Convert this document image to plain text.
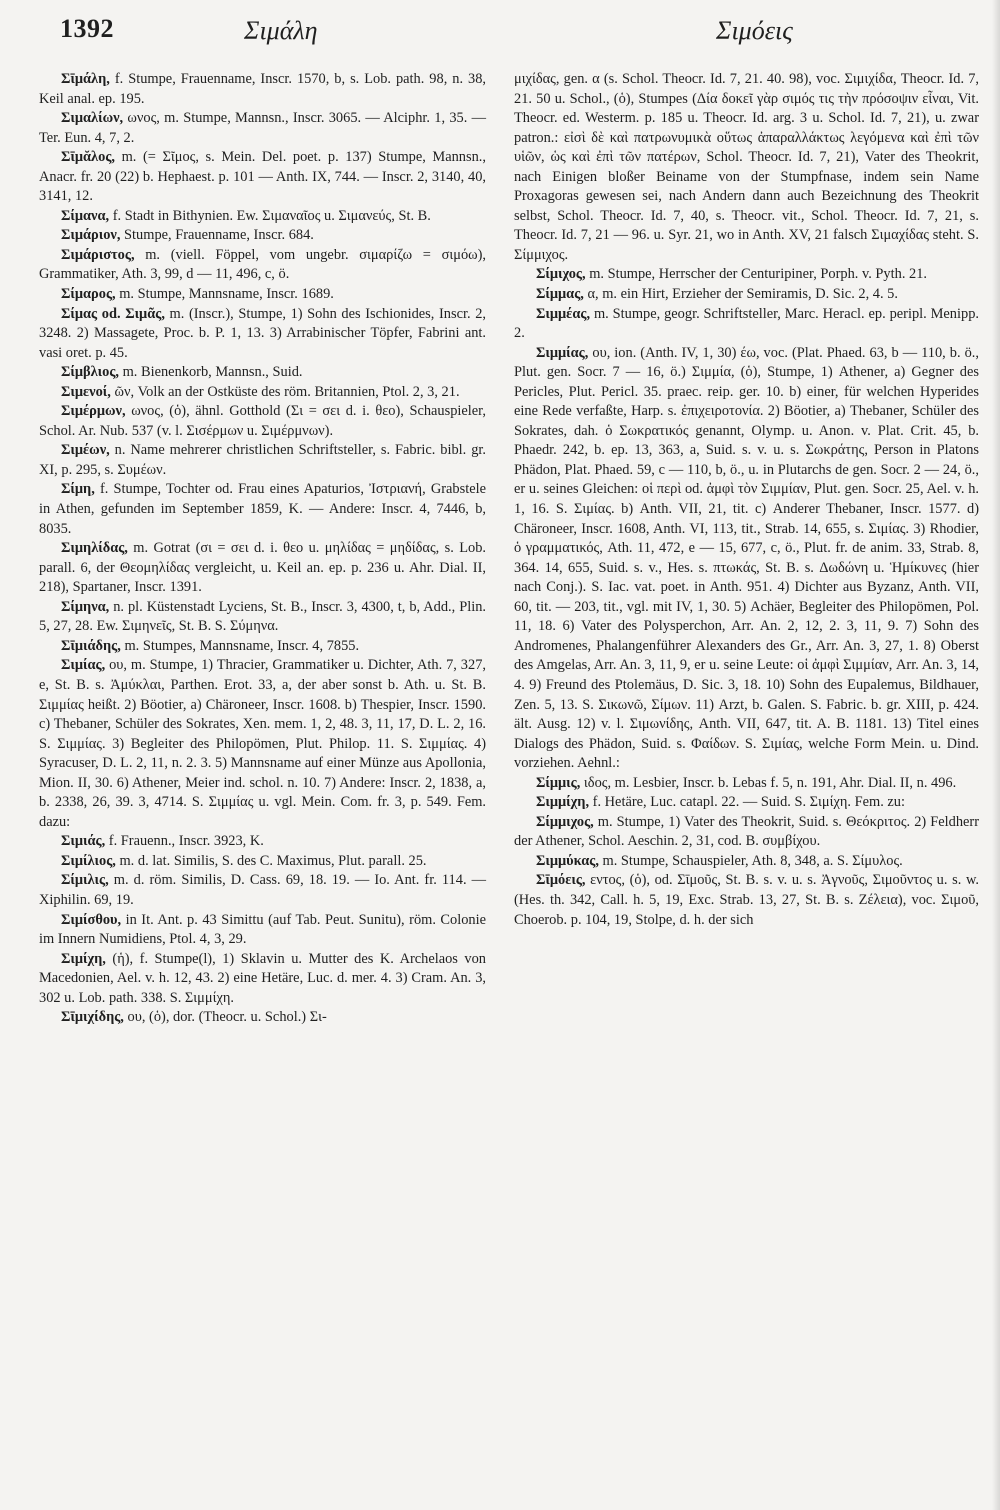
1392	Σιμάλη	Σιμόεις

Σῑμάλη, f. Stumpe, Frauenname, Inscr. 1570, b, s. Lob. path. 98, n. 38, Keil anal. ep. 195.

Σιμαλίων, ωνος, m. Stumpe, Mannsn., Inscr. 3065. — Alciphr. 1, 35. — Ter. Eun. 4, 7, 2.

Σῑμᾰλος, m. (= Σῖμος, s. Mein. Del. poet. p. 137) Stumpe, Mannsn., Anacr. fr. 20 (22) b. Hephaest. p. 101 — Anth. IX, 744. — Inscr. 2, 3140, 40, 3141, 12.

Σίμανα, f. Stadt in Bithynien. Ew. Σιμαναῖος u. Σιμανεύς, St. B.

Σιμάριον, Stumpe, Frauenname, Inscr. 684.

Σιμάριστος, m. (viell. Föppel, vom ungebr. σιμαρίζω = σιμόω), Grammatiker, Ath. 3, 99, d — 11, 496, c, ö.

Σίμαρος, m. Stumpe, Mannsname, Inscr. 1689.

Σίμας od. Σιμᾶς, m. (Inscr.), Stumpe, 1) Sohn des Ischionides, Inscr. 2, 3248. 2) Massagete, Proc. b. P. 1, 13. 3) Arrabinischer Töpfer, Fabrini ant. vasi oret. p. 45.

Σίμβλιος, m. Bienenkorb, Mannsn., Suid.

Σιμενοί, ῶν, Volk an der Ostküste des röm. Britannien, Ptol. 2, 3, 21.

Σιμέρμων, ωνος, (ὁ), ähnl. Gotthold (Σι = σει d. i. θεο), Schauspieler, Schol. Ar. Nub. 537 (v. l. Σισέρμων u. Σιμέρμνων).

Σιμέων, n. Name mehrerer christlichen Schriftsteller, s. Fabric. bibl. gr. XI, p. 295, s. Συμέων.

Σίμη, f. Stumpe, Tochter od. Frau eines Apaturios, Ἰστριανή, Grabstele in Athen, gefunden im September 1859, K. — Andere: Inscr. 4, 7446, b, 8035.

Σιμηλίδας, m. Gotrat (σι = σει d. i. θεο u. μηλίδας = μηδίδας, s. Lob. parall. 6, der Θεομηλίδας vergleicht, u. Keil an. ep. p. 236 u. Ahr. Dial. II, 218), Spartaner, Inscr. 1391.

Σίμηνα, n. pl. Küstenstadt Lyciens, St. B., Inscr. 3, 4300, t, b, Add., Plin. 5, 27, 28. Ew. Σιμηνεῖς, St. B. S. Σύμηνα.

Σῑμιάδης, m. Stumpes, Mannsname, Inscr. 4, 7855.

Σιμίας, ου, m. Stumpe, 1) Thracier, Grammatiker u. Dichter, Ath. 7, 327, e, St. B. s. Ἀμύκλαι, Parthen. Erot. 33, a, der aber sonst b. Ath. u. St. B. Σιμμίας heißt. 2) Böotier, a) Chäroneer, Inscr. 1608. b) Thespier, Inscr. 1590. c) Thebaner, Schüler des Sokrates, Xen. mem. 1, 2, 48. 3, 11, 17, D. L. 2, 16. S. Σιμμίας. 3) Begleiter des Philopömen, Plut. Philop. 11. S. Σιμμίας. 4) Syracuser, D. L. 2, 11, n. 2. 3. 5) Mannsname auf einer Münze aus Apollonia, Mion. II, 30. 6) Athener, Meier ind. schol. n. 10. 7) Andere: Inscr. 2, 1838, a, b. 2338, 26, 39. 3, 4714. S. Σιμμίας u. vgl. Mein. Com. fr. 3, p. 549. Fem. dazu:

Σιμιάς, f. Frauenn., Inscr. 3923, K.

Σιμίλιος, m. d. lat. Similis, S. des C. Maximus, Plut. parall. 25.

Σίμιλις, m. d. röm. Similis, D. Cass. 69, 18. 19. — Io. Ant. fr. 114. — Xiphilin. 69, 19.

Σιμίσθου, in It. Ant. p. 43 Simittu (auf Tab. Peut. Sunitu), röm. Colonie im Innern Numidiens, Ptol. 4, 3, 29.

Σιμίχη, (ἡ), f. Stumpe(l), 1) Sklavin u. Mutter des K. Archelaos von Macedonien, Ael. v. h. 12, 43. 2) eine Hetäre, Luc. d. mer. 4. 3) Cram. An. 3, 302 u. Lob. path. 338. S. Σιμμίχη.

Σῑμιχίδης, ου, (ὁ), dor. (Theocr. u. Schol.) Σι-

μιχίδας, gen. α (s. Schol. Theocr. Id. 7, 21. 40. 98), voc. Σιμιχίδα, Theocr. Id. 7, 21. 50 u. Schol., (ὁ), Stumpes (Δία δοκεῖ γὰρ σιμός τις τὴν πρόσοψιν εἶναι, Vit. Theocr. ed. Westerm. p. 185 u. Theocr. Id. arg. 3 u. Schol. Id. 7, 21), u. zwar patron.: εἰσὶ δὲ καὶ πατρωνυμικὰ οὕτως ἀπαραλλάκτως λεγόμενα καὶ ἐπὶ τῶν υἱῶν, ὡς καὶ ἐπὶ τῶν πατέρων, Schol. Theocr. Id. 7, 21), Vater des Theokrit, nach Einigen bloßer Beiname von der Stumpfnase, indem sein Name Proxagoras gewesen sei, nach Andern dann auch Bezeichnung des Theokrit selbst, Schol. Theocr. Id. 7, 40, s. Theocr. vit., Schol. Theocr. Id. 7, 21, s. Theocr. Id. 7, 21 — 96. u. Syr. 21, wo in Anth. XV, 21 falsch Σιμαχίδας steht. S. Σίμμιχος.

Σίμιχος, m. Stumpe, Herrscher der Centuripiner, Porph. v. Pyth. 21.

Σίμμας, α, m. ein Hirt, Erzieher der Semiramis, D. Sic. 2, 4. 5.

Σιμμέας, m. Stumpe, geogr. Schriftsteller, Marc. Heracl. ep. peripl. Menipp. 2.

Σιμμίας, ου, ion. (Anth. IV, 1, 30) έω, voc. (Plat. Phaed. 63, b — 110, b. ö., Plut. gen. Socr. 7 — 16, ö.) Σιμμία, (ὁ), Stumpe, 1) Athener, a) Gegner des Pericles, Plut. Pericl. 35. praec. reip. ger. 10. b) einer, für welchen Hyperides eine Rede verfaßte, Harp. s. ἐπιχειροτονία. 2) Böotier, a) Thebaner, Schüler des Sokrates, dah. ὁ Σωκρατικός genannt, Olymp. u. Anon. v. Plat. Crit. 45, b. Phaedr. 242, b. ep. 13, 363, a, Suid. s. v. u. s. Σωκράτης, Person in Platons Phädon, Plat. Phaed. 59, c — 110, b, ö., u. in Plutarchs de gen. Socr. 2 — 24, ö., er u. seines Gleichen: οἱ περὶ od. ἀμφὶ τὸν Σιμμίαν, Plut. gen. Socr. 25, Ael. v. h. 1, 16. S. Σιμίας. b) Anth. VII, 21, tit. c) Anderer Thebaner, Inscr. 1577. d) Chäroneer, Inscr. 1608, Anth. VI, 113, tit., Strab. 14, 655, s. Σιμίας. 3) Rhodier, ὁ γραμματικός, Ath. 11, 472, e — 15, 677, c, ö., Plut. fr. de anim. 33, Strab. 8, 364. 14, 655, Suid. s. v., Hes. s. πτωκάς, St. B. s. Δωδώνη u. Ἡμίκυνες (hier nach Conj.). S. Iac. vat. poet. in Anth. 951. 4) Dichter aus Byzanz, Anth. VII, 60, tit. — 203, tit., vgl. mit IV, 1, 30. 5) Achäer, Begleiter des Philopömen, Pol. 11, 18. 6) Vater des Polysperchon, Arr. An. 2, 12, 2. 3, 11, 9. 7) Sohn des Andromenes, Phalangenführer Alexanders des Gr., Arr. An. 3, 27, 1. 8) Oberst des Amgelas, Arr. An. 3, 11, 9, er u. seine Leute: οἱ ἀμφὶ Σιμμίαν, Arr. An. 3, 14, 4. 9) Freund des Ptolemäus, D. Sic. 3, 18. 10) Sohn des Eupalemus, Bildhauer, Zen. 5, 13. S. Σικωνῶ, Σίμων. 11) Arzt, b. Galen. S. Fabric. b. gr. XIII, p. 424. ält. Ausg. 12) v. l. Σιμωνίδης, Anth. VII, 647, tit. A. B. 1181. 13) Titel eines Dialogs des Phädon, Suid. s. Φαίδων. S. Σιμίας, welche Form Mein. u. Dind. vorziehen. Aehnl.:

Σίμμις, ιδος, m. Lesbier, Inscr. b. Lebas f. 5, n. 191, Ahr. Dial. II, n. 496.

Σιμμίχη, f. Hetäre, Luc. catapl. 22. — Suid. S. Σιμίχη. Fem. zu:

Σίμμιχος, m. Stumpe, 1) Vater des Theokrit, Suid. s. Θεόκριτος. 2) Feldherr der Athener, Schol. Aeschin. 2, 31, cod. B. συμβίχου.

Σιμμύκας, m. Stumpe, Schauspieler, Ath. 8, 348, a. S. Σίμυλος.

Σῑμόεις, εντος, (ὁ), od. Σῑμοῦς, St. B. s. v. u. s. Ἀγνοῦς, Σιμοῦντος u. s. w. (Hes. th. 342, Call. h. 5, 19, Exc. Strab. 13, 27, St. B. s. Ζέλεια), voc. Σιμοῦ, Choerob. p. 104, 19, Stolpe, d. h. der sich
